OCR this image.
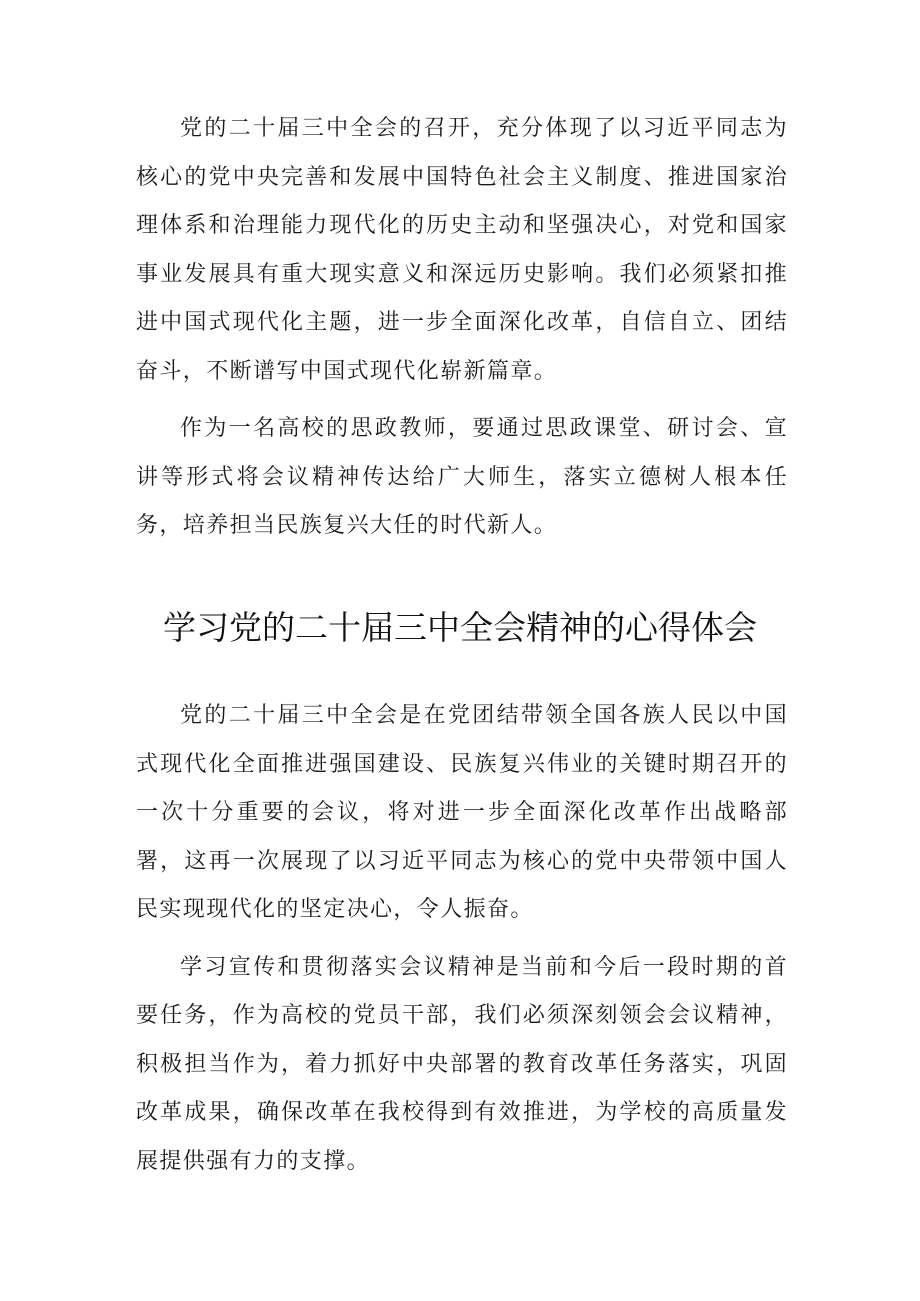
党的二十届三中全会的召开，充分体现了以习近平同志为核心的党中央完善和发展中国特色社会主义制度、推进国家治理体系和治理能力现代化的历史主动和坚强决心，对党和国家事业发展具有重大现实意义和深远历史影响。我们必须紧扣推进中国式现代化主题，进一步全面深化改革，自信自立、团结奋斗，不断谱写中国式现代化崭新篇章。

作为一名高校的思政教师，要通过思政课堂、研讨会、宣讲等形式将会议精神传达给广大师生，落实立德树人根本任务，培养担当民族复兴大任的时代新人。

学习党的二十届三中全会精神的心得体会

党的二十届三中全会是在党团结带领全国各族人民以中国式现代化全面推进强国建设、民族复兴伟业的关键时期召开的一次十分重要的会议，将对进一步全面深化改革作出战略部署，这再一次展现了以习近平同志为核心的党中央带领中国人民实现现代化的坚定决心，令人振奋。

学习宣传和贯彻落实会议精神是当前和今后一段时期的首要任务，作为高校的党员干部，我们必须深刻领会会议精神，积极担当作为，着力抓好中央部署的教育改革任务落实，巩固改革成果，确保改革在我校得到有效推进，为学校的高质量发展提供强有力的支撑。
